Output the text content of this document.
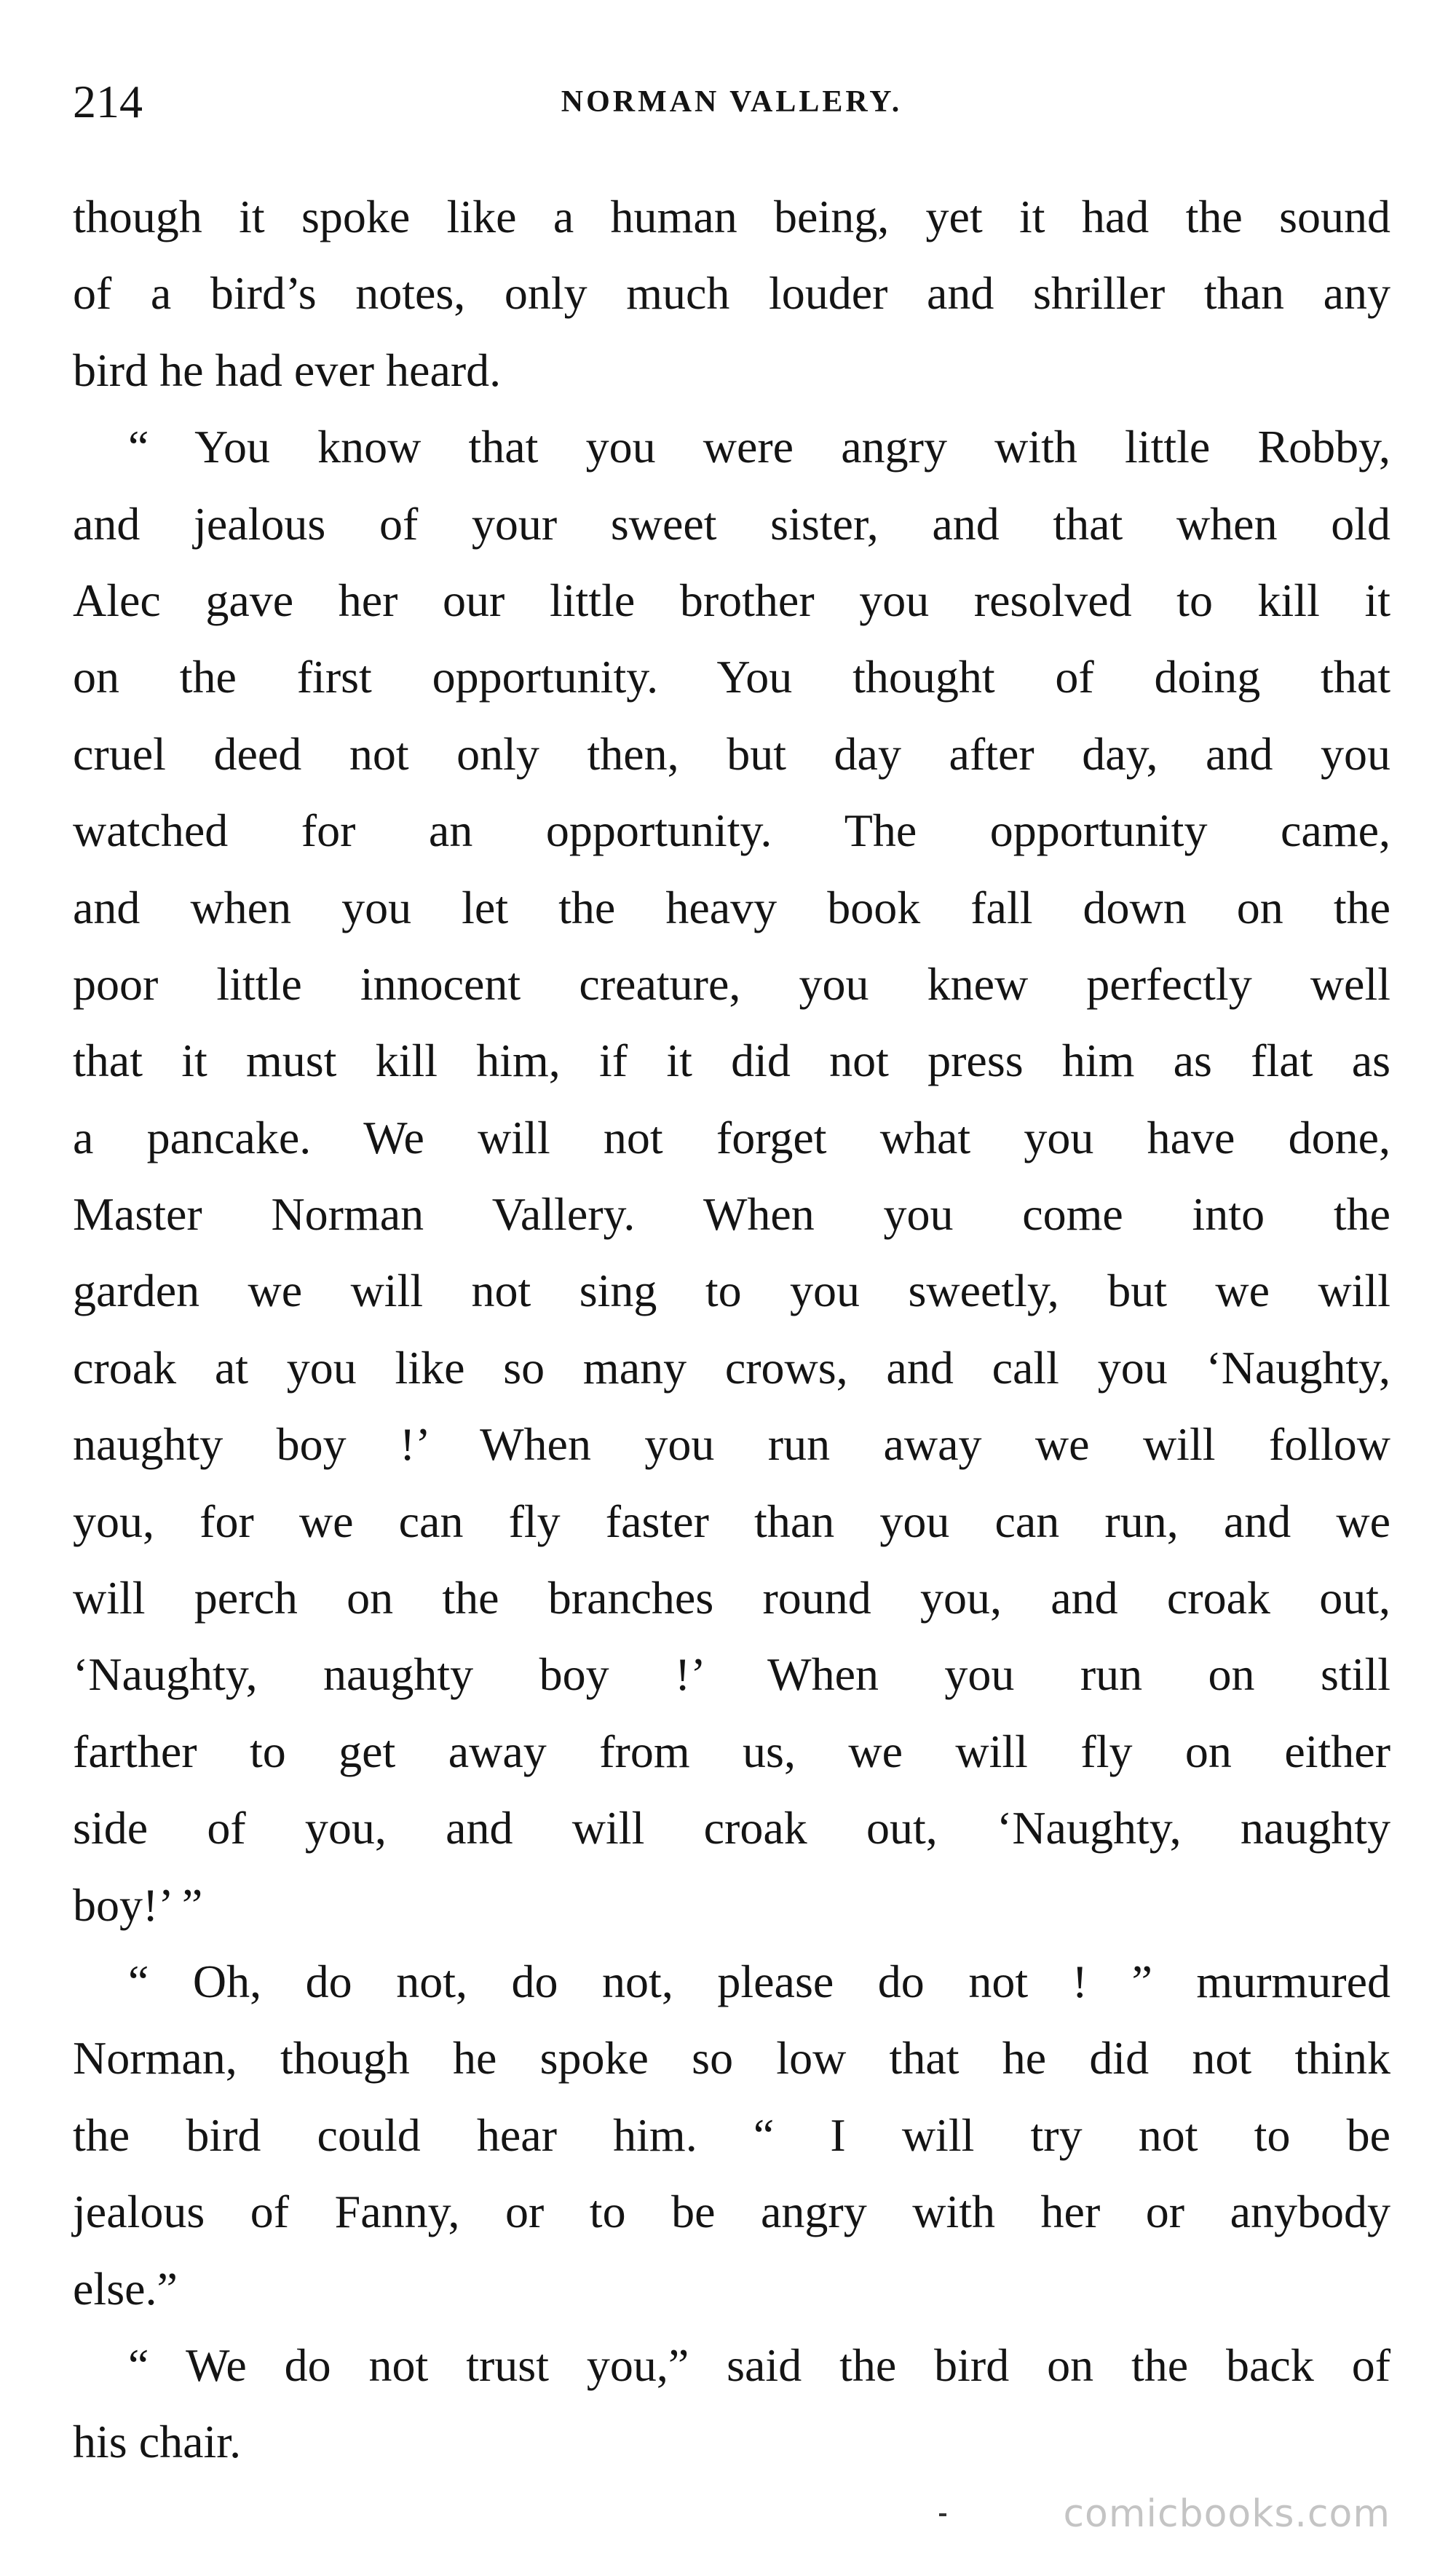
214	NORMAN VALLERY.
though it spoke like a human being, yet it had the sound
of a bird’s notes, only much louder and shriller than any
bird he had ever heard.
“ You know that you were angry with little Robby,
and jealous of your sweet sister, and that when old
Alec gave her our little brother you resolved to kill it
on the first opportunity. You thought of doing that
cruel deed not only then, but day after day, and you
watched for an opportunity. The opportunity came,
and when you let the heavy book fall down on the
poor little innocent creature, you knew perfectly well
that it must kill him, if it did not press him as flat as
a pancake. We will not forget what you have done,
Master Norman Vallery. When you come into the
garden we will not sing to you sweetly, but we will
croak at you like so many crows, and call you ‘Naughty,
naughty boy !’ When you run away we will follow
you, for we can fly faster than you can run, and we
will perch on the branches round you, and croak out,
‘Naughty, naughty boy !’ When you run on still
farther to get away from us, we will fly on either
side of you, and will croak out, ‘Naughty, naughty
boy!’ ”
“ Oh, do not, do not, please do not ! ” murmured
Norman, though he spoke so low that he did not think
the bird could hear him. “ I will try not to be
jealous of Fanny, or to be angry with her or anybody
else.”
“ We do not trust you,” said the bird on the back of
his chair.
comicbooks.com
